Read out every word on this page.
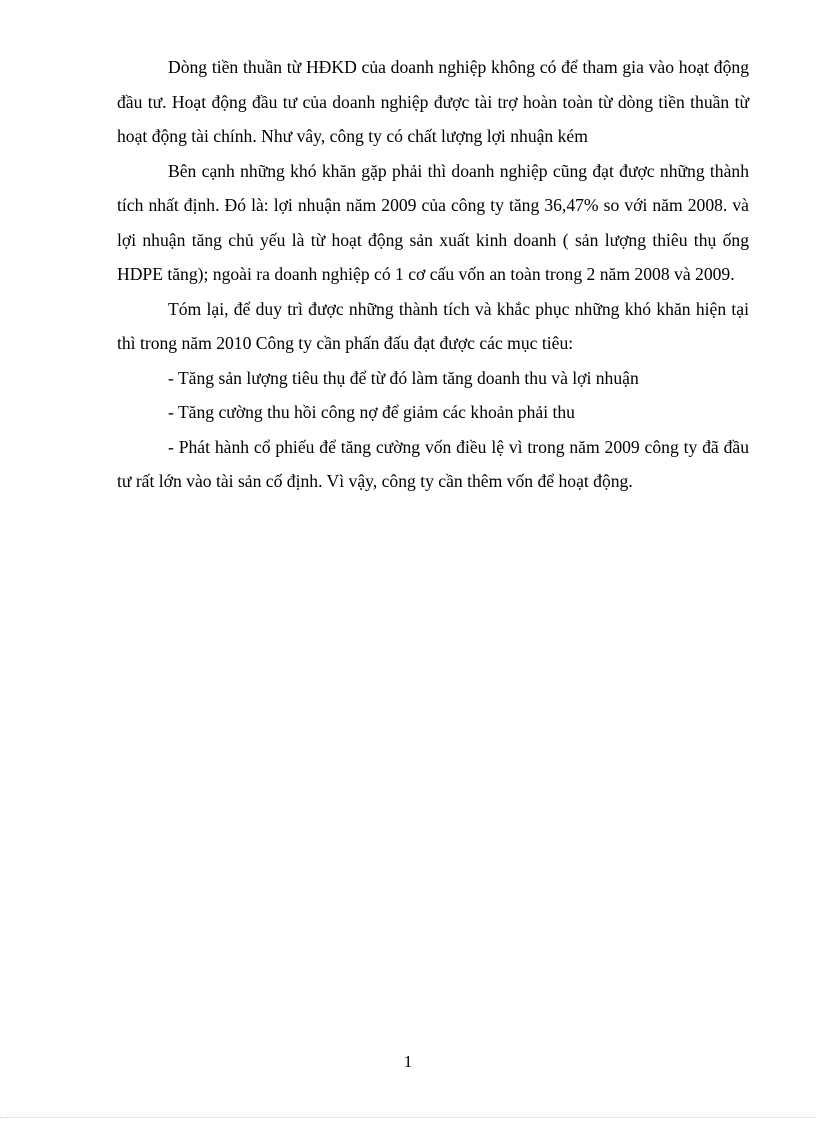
Dòng tiền thuần từ HĐKD của doanh nghiệp không có để tham gia vào hoạt động đầu tư. Hoạt động đầu tư của doanh nghiệp được tài trợ hoàn toàn từ dòng tiền thuần từ hoạt động tài chính. Như vây, công ty có chất lượng lợi nhuận kém

Bên cạnh những khó khăn gặp phải thì doanh nghiệp cũng đạt được những thành tích nhất định. Đó là: lợi nhuận năm 2009 của công ty tăng 36,47% so với năm 2008. và lợi nhuận tăng chủ yếu là từ hoạt động sản xuất kinh doanh ( sản lượng thiêu thụ ống HDPE tăng); ngoài ra doanh nghiệp có 1 cơ cấu vốn an toàn trong 2 năm 2008 và 2009.

Tóm lại, để duy trì được những thành tích và khắc phục những khó khăn hiện tại thì trong năm 2010 Công ty cần phấn đấu đạt được các mục tiêu:

- Tăng sản lượng tiêu thụ để từ đó làm tăng doanh thu và lợi nhuận

- Tăng cường thu hồi công nợ để giảm các khoản phải thu

- Phát hành cổ phiếu để tăng cường vốn điều lệ vì trong năm 2009 công ty đã đầu tư rất lớn vào tài sản cố định. Vì vậy, công ty cần thêm vốn để hoạt động.

1
